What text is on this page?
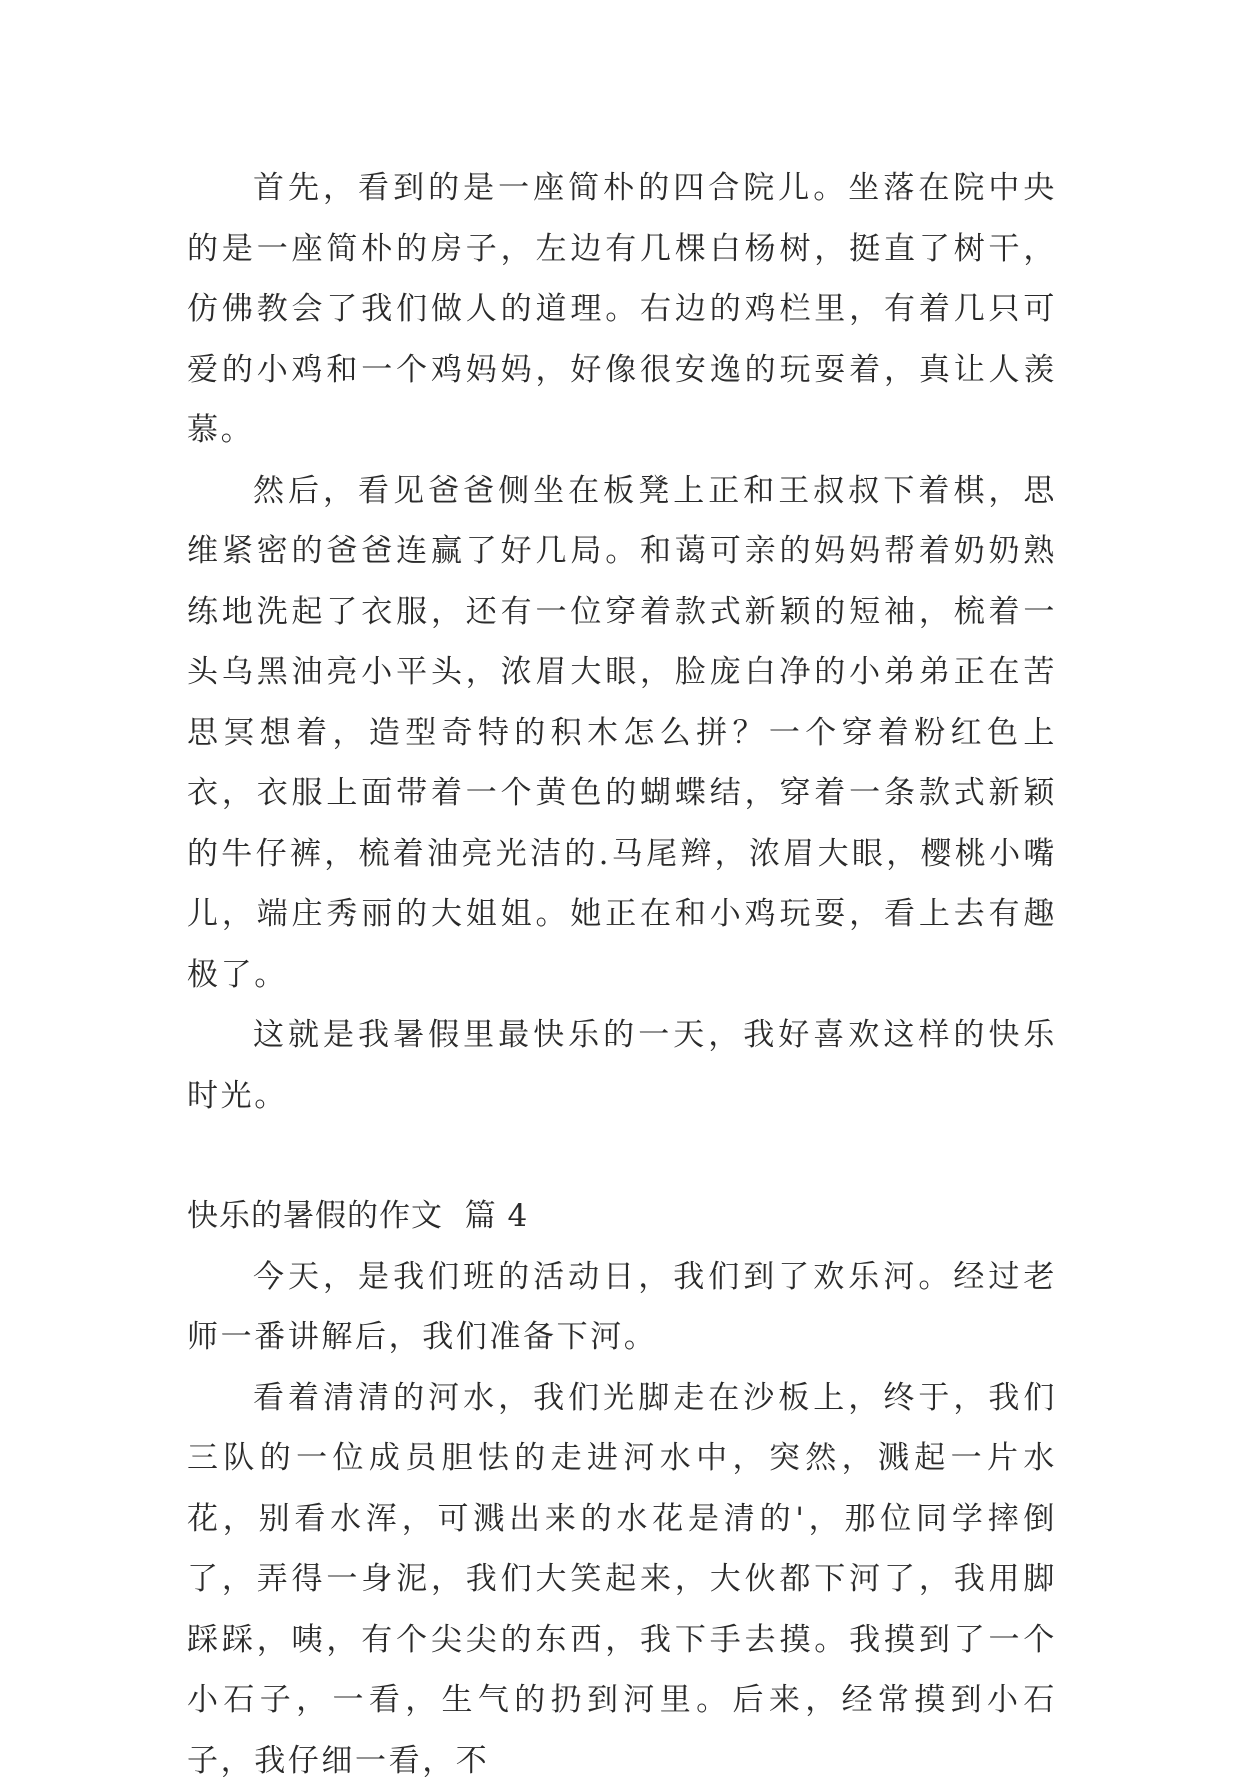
首先，看到的是一座简朴的四合院儿。坐落在院中央的是一座简朴的房子，左边有几棵白杨树，挺直了树干，仿佛教会了我们做人的道理。右边的鸡栏里，有着几只可爱的小鸡和一个鸡妈妈，好像很安逸的玩耍着，真让人羡慕。

然后，看见爸爸侧坐在板凳上正和王叔叔下着棋，思维紧密的爸爸连赢了好几局。和蔼可亲的妈妈帮着奶奶熟练地洗起了衣服，还有一位穿着款式新颖的短袖，梳着一头乌黑油亮小平头，浓眉大眼，脸庞白净的小弟弟正在苦思冥想着，造型奇特的积木怎么拼？一个穿着粉红色上衣，衣服上面带着一个黄色的蝴蝶结，穿着一条款式新颖的牛仔裤，梳着油亮光洁的.马尾辫，浓眉大眼，樱桃小嘴儿，端庄秀丽的大姐姐。她正在和小鸡玩耍，看上去有趣极了。

这就是我暑假里最快乐的一天，我好喜欢这样的快乐时光。

快乐的暑假的作文  篇 4

今天，是我们班的活动日，我们到了欢乐河。经过老师一番讲解后，我们准备下河。

看着清清的河水，我们光脚走在沙板上，终于，我们三队的一位成员胆怯的走进河水中，突然，溅起一片水花，别看水浑，可溅出来的水花是清的'，那位同学摔倒了，弄得一身泥，我们大笑起来，大伙都下河了，我用脚踩踩，咦，有个尖尖的东西，我下手去摸。我摸到了一个小石子，一看，生气的扔到河里。后来，经常摸到小石子，我仔细一看，不
